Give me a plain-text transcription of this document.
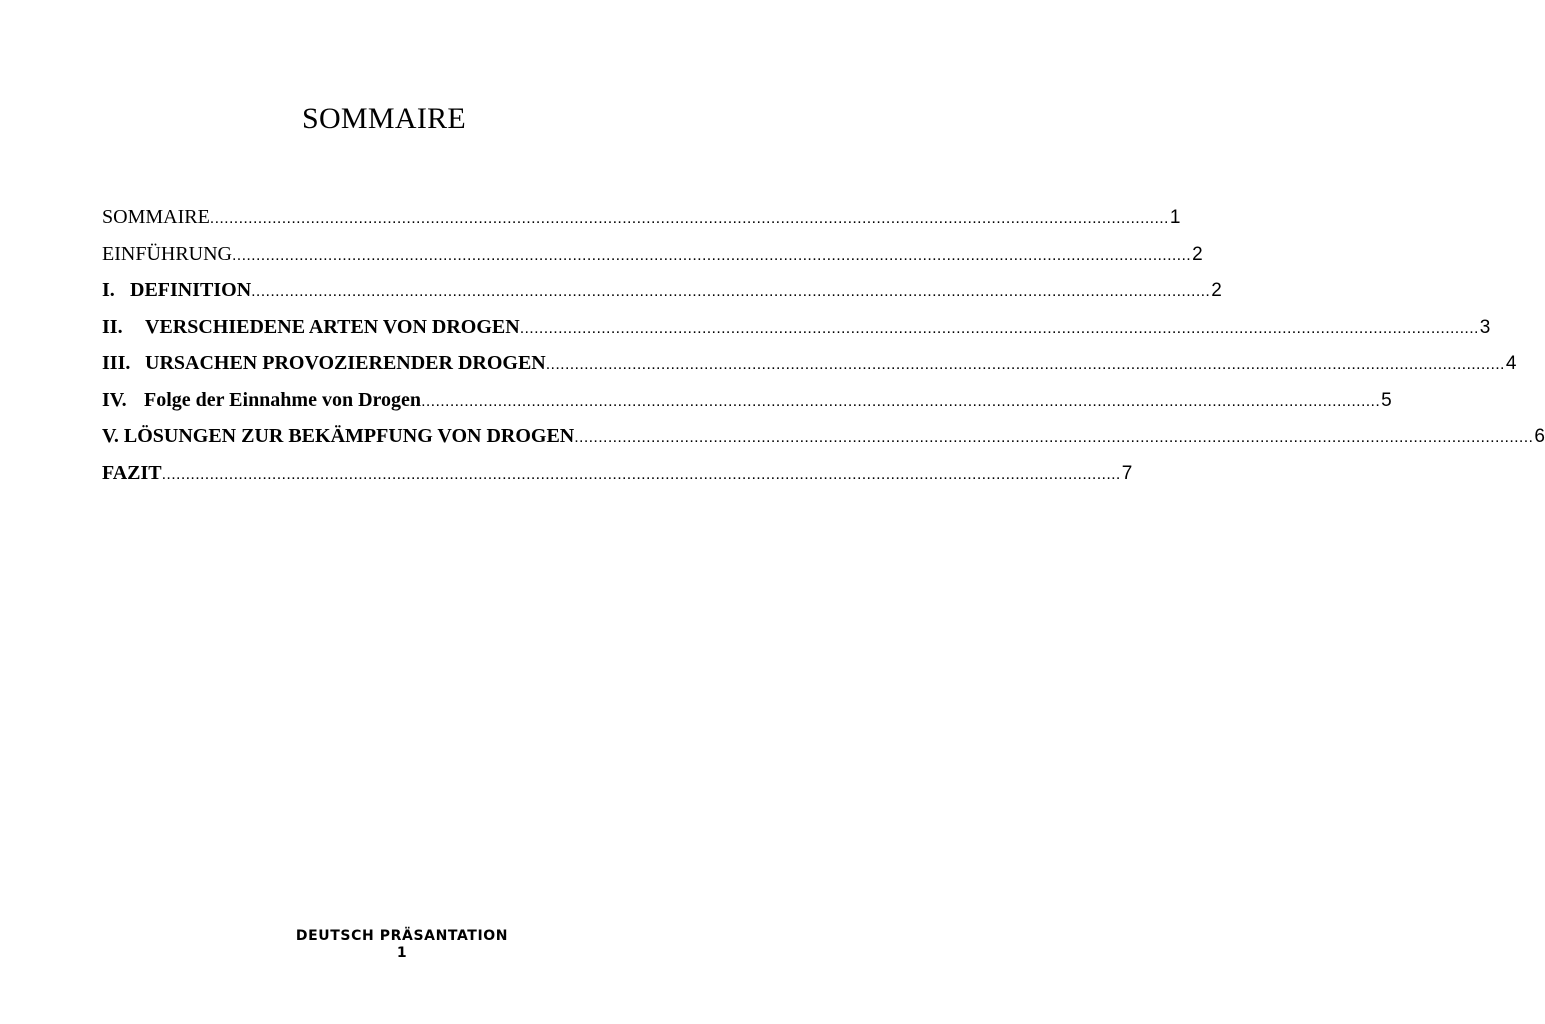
SOMMAIRE
SOMMAIRE ........................................................................................................................................................................................................ 1
EINFÜHRUNG ........................................................................................................................................................................................................ 2
I. DEFINITION ........................................................................................................................................................................................................ 2
II. VERSCHIEDENE ARTEN VON DROGEN ........................................................................................................................................................................................................ 3
III. URSACHEN PROVOZIERENDER DROGEN ........................................................................................................................................................................................................ 4
IV. Folge der Einnahme von Drogen ........................................................................................................................................................................................................ 5
V. LÖSUNGEN ZUR BEKÄMPFUNG VON DROGEN ........................................................................................................................................................................................................ 6
FAZIT ........................................................................................................................................................................................................ 7
DEUTSCH PRÄSANTATION
1
